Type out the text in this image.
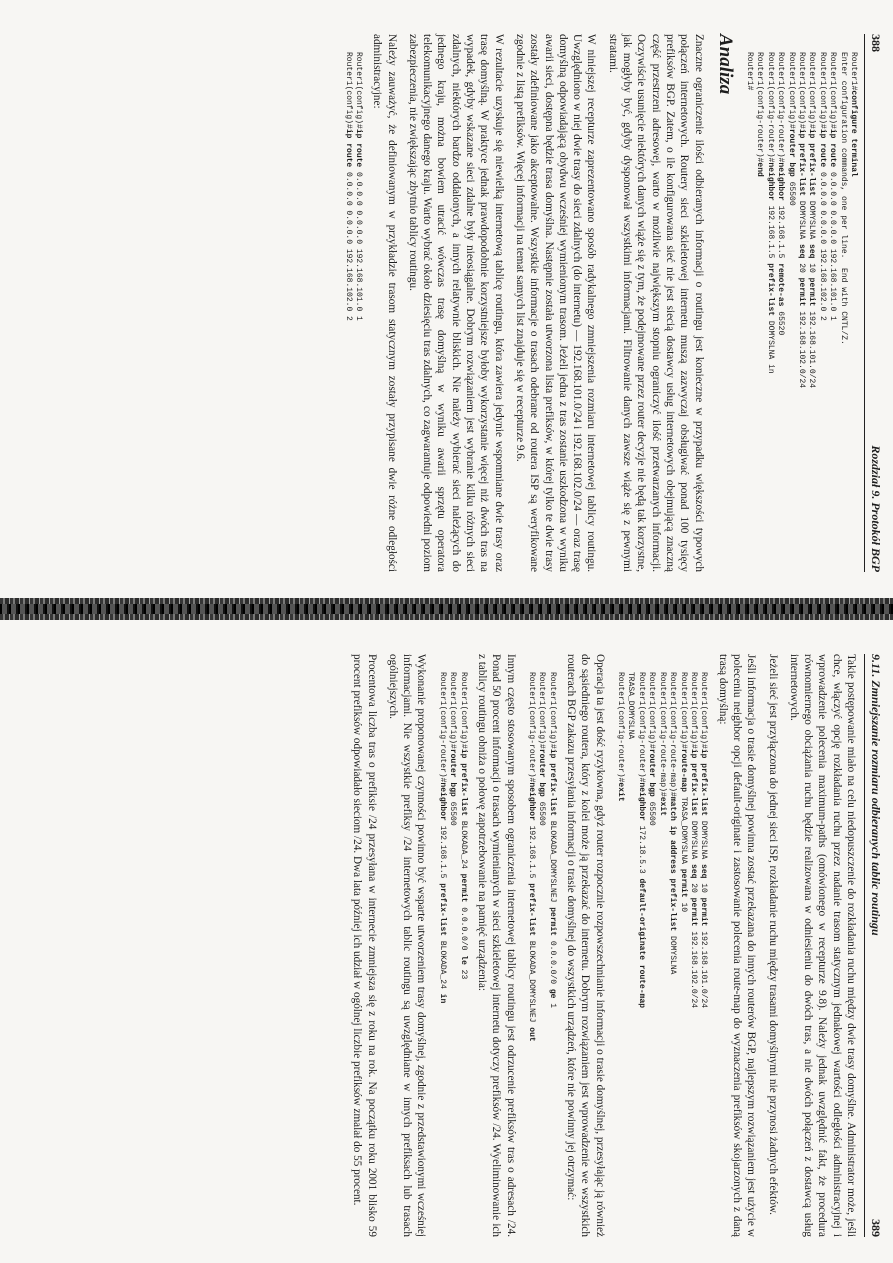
388
Rozdział 9. Protokół BGP
Router1#configure terminal
Enter configuration commands, one per line.  End with CNTL/Z.
Router1(config)#ip route 0.0.0.0 0.0.0.0 192.168.101.0 1
Router1(config)#ip route 0.0.0.0 0.0.0.0 192.168.102.0 2
Router1(config)#ip prefix-list DOMYSLNA seq 10 permit 192.168.101.0/24
Router1(config)#ip prefix-list DOMYSLNA seq 20 permit 192.168.102.0/24
Router1(config)#router bgp 65500
Router1(config-router)#neighbor 192.168.1.5 remote-as 65520
Router1(config-router)#neighbor 192.168.1.5 prefix-list DOMYSLNA in
Router1(config-router)#end
Router1#
Analiza

Znaczne ograniczenie ilości odbieranych informacji o routingu jest konieczne w przypadku większości typowych połączeń internetowych. Routery sieci szkieletowej internetu muszą zazwyczaj obsługiwać ponad 100 tysięcy prefiksów BGP. Zatem, o ile konfigurowana sieć nie jest siecią dostawcy usług internetowych obejmującą znaczną część przestrzeni adresowej, warto w możliwie największym stopniu ograniczyć ilość przetwarzanych informacji. Oczywiście usunięcie niektórych danych wiąże się z tym, że podejmowane przez router decyzje nie będą tak korzystne, jak mogłyby być, gdyby dysponował wszystkimi informacjami. Filtrowanie danych zawsze wiąże się z pewnymi stratami.

W niniejszej recepturze zaprezentowano sposób radykalnego zmniejszenia rozmiaru internetowej tablicy routingu. Uwzględniono w niej dwie trasy do sieci zdalnych (do internetu) — 192.168.101.0/24 i 192.168.102.0/24 — oraz trasę domyślną odpowiadającą obydwu wcześniej wymienionym trasom. Jeżeli jedna z tras zostanie uszkodzona w wyniku awarii sieci, dostępna będzie trasa domyślna. Następnie została utworzona lista prefiksów, w której tylko te dwie trasy zostały zdefiniowane jako akceptowalne. Wszystkie informacje o trasach odebrane od routera ISP są weryfikowane zgodnie z listą prefiksów. Więcej informacji na temat samych list znajduje się w recepturze 9.6.

W rezultacie uzyskuje się niewielką internetową tablicę routingu, która zawiera jedynie wspomniane dwie trasy oraz trasę domyślną. W praktyce jednak prawdopodobnie korzystniejsze byłoby wykorzystanie więcej niż dwóch tras na wypadek, gdyby wskazane sieci zdalne były nieosiągalne. Dobrym rozwiązaniem jest wybranie kilku różnych sieci zdalnych, niektórych bardzo oddalonych, a innych relatywnie bliskich. Nie należy wybierać sieci należących do jednego kraju, można bowiem utracić wówczas trasę domyślną w wyniku awarii sprzętu operatora telekomunikacyjnego danego kraju. Warto wybrać około dziesięciu tras zdalnych, co zagwarantuje odpowiedni poziom zabezpieczenia, nie zwiększając zbytnio tablicy routingu.

Należy zauważyć, że definiowanym w przykładzie trasom statycznym zostały przypisane dwie różne odległości administracyjne:

Router1(config)#ip route 0.0.0.0 0.0.0.0 192.168.101.0 1
Router1(config)#ip route 0.0.0.0 0.0.0.0 192.168.102.0 2
9.11. Zmniejszanie rozmiaru odbieranych tablic routingu
389

Takie postępowanie miało na celu niedopuszczenie do rozkładania ruchu między dwie trasy domyślne. Administrator może, jeśli chce, włączyć opcję rozkładania ruchu przez nadanie trasom statycznym jednakowej wartości odległości administracyjnej i wprowadzenie polecenia maximum-paths (omówionego w recepturze 9.8). Należy jednak uwzględnić fakt, że procedura równomiernego obciążania ruchu będzie realizowana w odniesieniu do dwóch tras, a nie dwóch połączeń z dostawcą usług internetowych.

Jeżeli sieć jest przyłączona do jednej sieci ISP, rozkładanie ruchu między trasami domyślnymi nie przynosi żadnych efektów.

Jeśli informacja o trasie domyślnej powinna zostać przekazana do innych routerów BGP, najlepszym rozwiązaniem jest użycie w poleceniu neighbor opcji default-originate i zastosowanie polecenia route-map do wyznaczenia prefiksów skojarzonych z daną trasą domyślną:

Router1(config)#ip prefix-list DOMYSLNA seq 10 permit 192.168.101.0/24
Router1(config)#ip prefix-list DOMYSLNA seq 20 permit 192.168.102.0/24
Router1(config)#route-map TRASA_DOMYSLNA permit 10
Router1(config-route-map)#match ip address prefix-list DOMYSLNA
Router1(config-route-map)#exit
Router1(config)#router bgp 65500
Router1(config-router)#neighbor 172.18.5.3 default-originate route-map
TRASA_DOMYSLNA
Router1(config-router)#exit

Operacja ta jest dość ryzykowna, gdyż router rozpocznie rozpowszechnianie informacji o trasie domyślnej, przesyłając ją również do sąsiedniego routera, który z kolei może ją przekazać do internetu. Dobrym rozwiązaniem jest wprowadzenie we wszystkich routerach BGP zakazu przesyłania informacji o trasie domyślnej do wszystkich urządzeń, które nie powinny jej otrzymać:

Router1(config)#ip prefix-list BLOKADA_DOMYSLNEJ permit 0.0.0.0/0 ge 1
Router1(config)#router bgp 65500
Router1(config-router)#neighbor 192.168.1.5 prefix-list BLOKADA_DOMYSLNEJ out

Innym często stosowanym sposobem ograniczenia internetowej tablicy routingu jest odrzucenie prefiksów tras o adresach /24. Ponad 50 procent informacji o trasach wymienianych w sieci szkieletowej internetu dotyczy prefiksów /24. Wyeliminowanie ich z tablicy routingu obniża o połowę zapotrzebowanie na pamięć urządzenia:

Router1(config)#ip prefix-list BLOKADA_24 permit 0.0.0.0/0 le 23
Router1(config)#router bgp 65500
Router1(config-router)#neighbor 192.168.1.5 prefix-list BLOKADA_24 in

Wykonanie proponowanej czynności powinno być wsparte utworzeniem trasy domyślnej, zgodnie z przedstawionymi wcześniej informacjami. Nie wszystkie prefiksy /24 internetowych tablic routingu są uwzględniane w innych prefiksach lub trasach ogólniejszych.

Procentowa liczba tras o prefiksie /24 przesyłana w internecie zmniejsza się z roku na rok. Na początku roku 2001 blisko 59 procent prefiksów odpowiadało sieciom /24. Dwa lata później ich udział w ogólnej liczbie prefiksów zmalał do 55 procent.
